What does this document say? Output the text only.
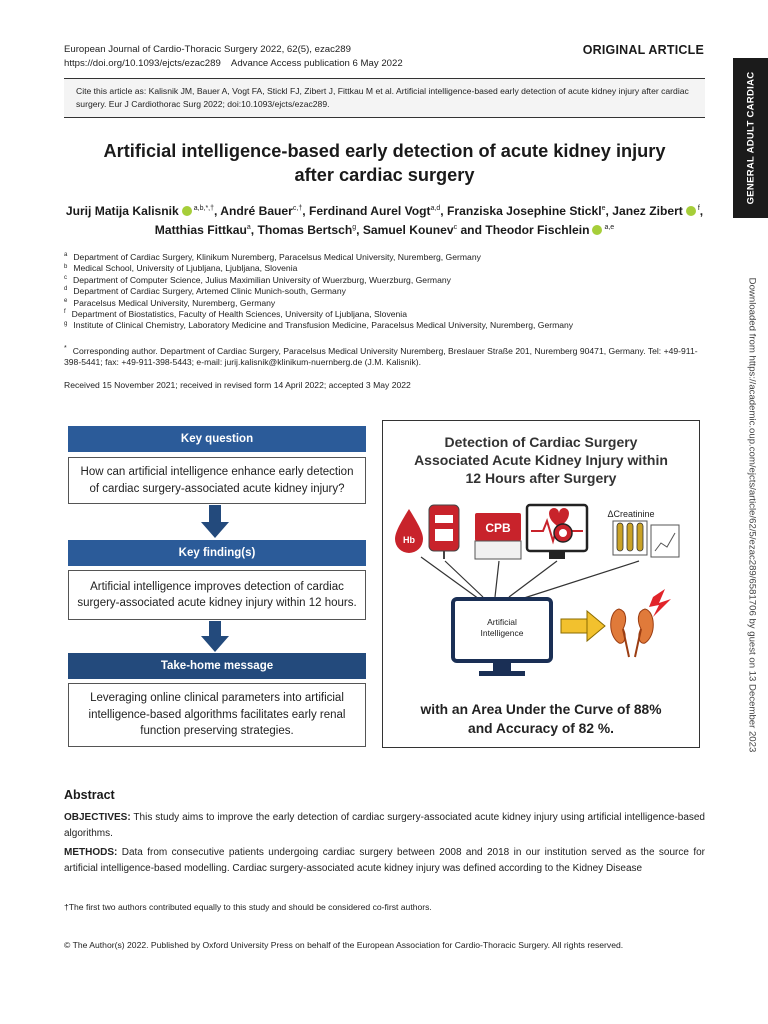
European Journal of Cardio-Thoracic Surgery 2022, 62(5), ezac289
https://doi.org/10.1093/ejcts/ezac289    Advance Access publication 6 May 2022
ORIGINAL ARTICLE
GENERAL ADULT CARDIAC
Downloaded from https://academic.oup.com/ejcts/article/62/5/ezac289/6581706 by guest on 13 December 2023
Cite this article as: Kalisnik JM, Bauer A, Vogt FA, Stickl FJ, Zibert J, Fittkau M et al. Artificial intelligence-based early detection of acute kidney injury after cardiac surgery. Eur J Cardiothorac Surg 2022; doi:10.1093/ejcts/ezac289.
Artificial intelligence-based early detection of acute kidney injury
after cardiac surgery
Jurij Matija Kalisnik $^{a,b,*,\dagger}$, André Bauer$^{c,\dagger}$, Ferdinand Aurel Vogt$^{a,d}$, Franziska Josephine Stickl$^e$, Janez Zibert $^f$,
Matthias Fittkau$^a$, Thomas Bertsch$^g$, Samuel Kounev$^c$ and Theodor Fischlein $^{a,e}$
$^a$ Department of Cardiac Surgery, Klinikum Nuremberg, Paracelsus Medical University, Nuremberg, Germany
$^b$ Medical School, University of Ljubljana, Ljubljana, Slovenia
$^c$ Department of Computer Science, Julius Maximilian University of Wuerzburg, Wuerzburg, Germany
$^d$ Department of Cardiac Surgery, Artemed Clinic Munich-south, Germany
$^e$ Paracelsus Medical University, Nuremberg, Germany
$^f$ Department of Biostatistics, Faculty of Health Sciences, University of Ljubljana, Slovenia
$^g$ Institute of Clinical Chemistry, Laboratory Medicine and Transfusion Medicine, Paracelsus Medical University, Nuremberg, Germany
* Corresponding author. Department of Cardiac Surgery, Paracelsus Medical University Nuremberg, Breslauer Straße 201, Nuremberg 90471, Germany. Tel: +49-911-398-5441; fax: +49-911-398-5443; e-mail: jurij.kalisnik@klinikum-nuernberg.de (J.M. Kalisnik).
Received 15 November 2021; received in revised form 14 April 2022; accepted 3 May 2022
Key question
How can artificial intelligence enhance early detection of cardiac surgery-associated acute kidney injury?
Key finding(s)
Artificial intelligence improves detection of cardiac surgery-associated acute kidney injury within 12 hours.
Take-home message
Leveraging online clinical parameters into artificial intelligence-based algorithms facilitates early renal function preserving strategies.
Detection of Cardiac Surgery
Associated Acute Kidney Injury within
12 Hours after Surgery
Hb
CPB
ΔCreatinine
Artificial
Intelligence
with an Area Under the Curve of 88%
and Accuracy of 82 %.
Abstract
OBJECTIVES: This study aims to improve the early detection of cardiac surgery-associated acute kidney injury using artificial intelligence-based algorithms.
METHODS: Data from consecutive patients undergoing cardiac surgery between 2008 and 2018 in our institution served as the source for artificial intelligence-based modelling. Cardiac surgery-associated acute kidney injury was defined according to the Kidney Disease
†The first two authors contributed equally to this study and should be considered co-first authors.
© The Author(s) 2022. Published by Oxford University Press on behalf of the European Association for Cardio-Thoracic Surgery. All rights reserved.
